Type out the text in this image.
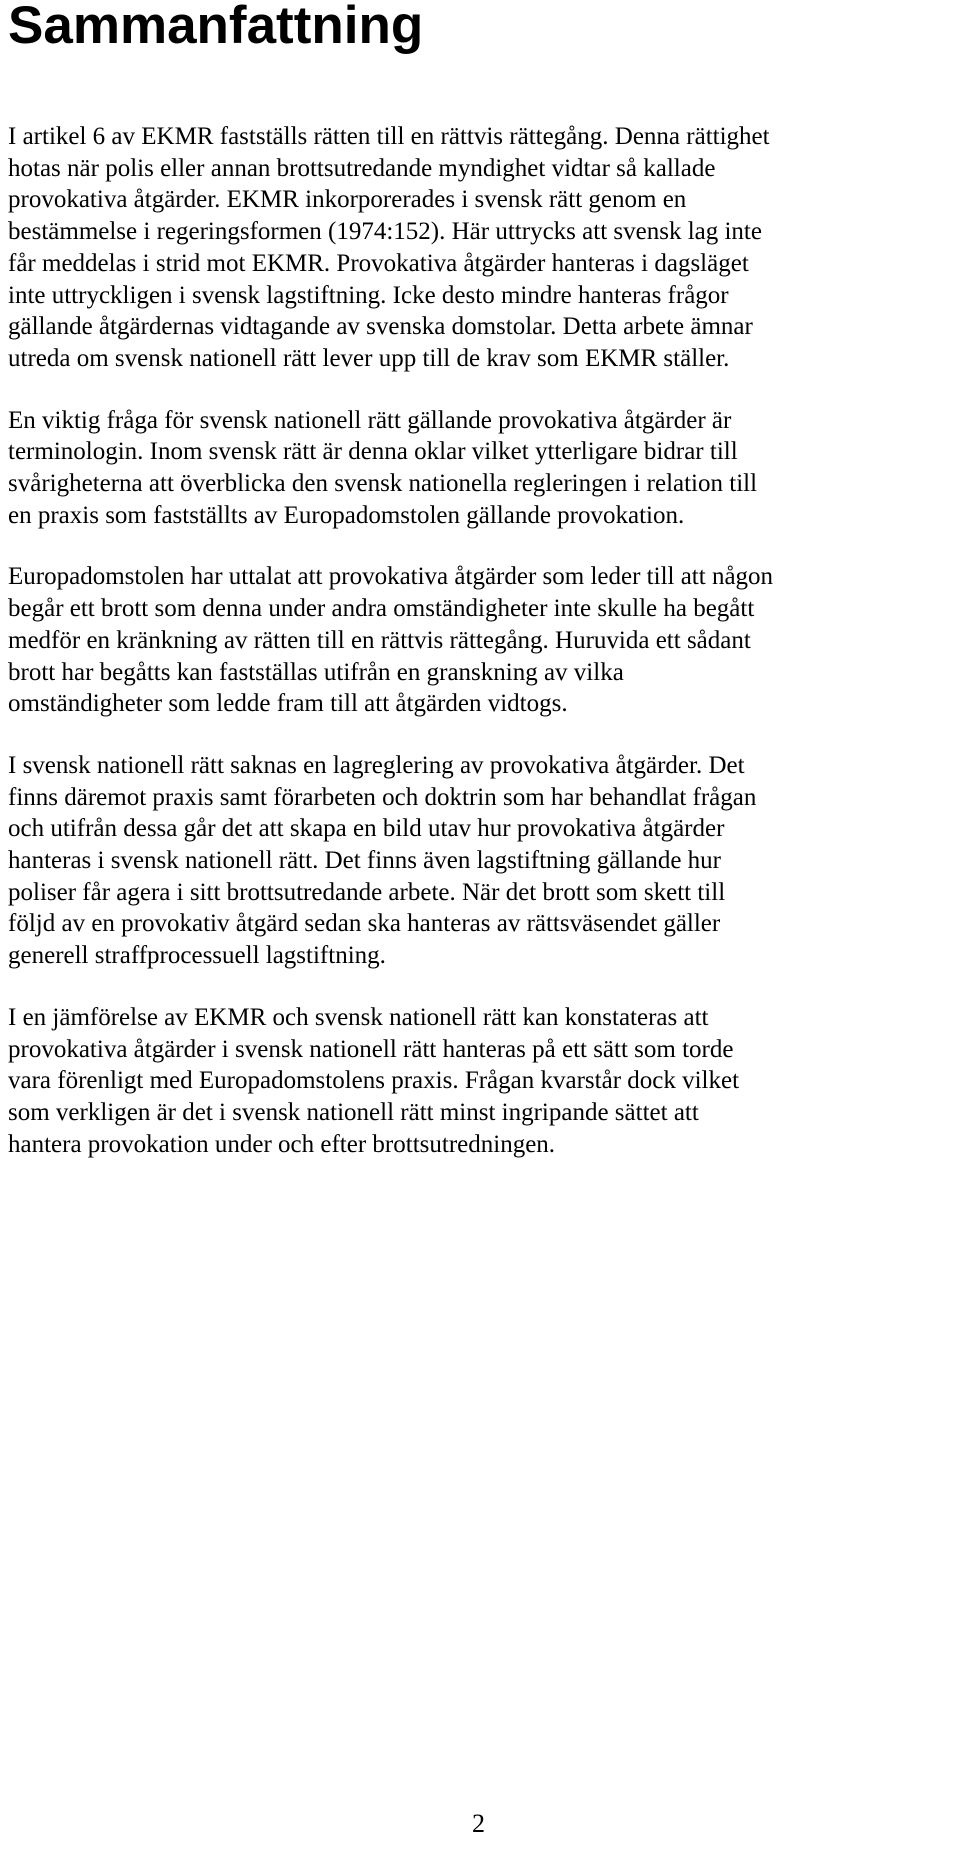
Sammanfattning

I artikel 6 av EKMR fastställs rätten till en rättvis rättegång. Denna rättighet
hotas när polis eller annan brottsutredande myndighet vidtar så kallade
provokativa åtgärder. EKMR inkorporerades i svensk rätt genom en
bestämmelse i regeringsformen (1974:152). Här uttrycks att svensk lag inte
får meddelas i strid mot EKMR. Provokativa åtgärder hanteras i dagsläget
inte uttryckligen i svensk lagstiftning. Icke desto mindre hanteras frågor
gällande åtgärdernas vidtagande av svenska domstolar. Detta arbete ämnar
utreda om svensk nationell rätt lever upp till de krav som EKMR ställer.

En viktig fråga för svensk nationell rätt gällande provokativa åtgärder är
terminologin. Inom svensk rätt är denna oklar vilket ytterligare bidrar till
svårigheterna att överblicka den svensk nationella regleringen i relation till
en praxis som fastställts av Europadomstolen gällande provokation.

Europadomstolen har uttalat att provokativa åtgärder som leder till att någon
begår ett brott som denna under andra omständigheter inte skulle ha begått
medför en kränkning av rätten till en rättvis rättegång. Huruvida ett sådant
brott har begåtts kan fastställas utifrån en granskning av vilka
omständigheter som ledde fram till att åtgärden vidtogs.

I svensk nationell rätt saknas en lagreglering av provokativa åtgärder. Det
finns däremot praxis samt förarbeten och doktrin som har behandlat frågan
och utifrån dessa går det att skapa en bild utav hur provokativa åtgärder
hanteras i svensk nationell rätt. Det finns även lagstiftning gällande hur
poliser får agera i sitt brottsutredande arbete. När det brott som skett till
följd av en provokativ åtgärd sedan ska hanteras av rättsväsendet gäller
generell straffprocessuell lagstiftning.

I en jämförelse av EKMR och svensk nationell rätt kan konstateras att
provokativa åtgärder i svensk nationell rätt hanteras på ett sätt som torde
vara förenligt med Europadomstolens praxis. Frågan kvarstår dock vilket
som verkligen är det i svensk nationell rätt minst ingripande sättet att
hantera provokation under och efter brottsutredningen.

2
